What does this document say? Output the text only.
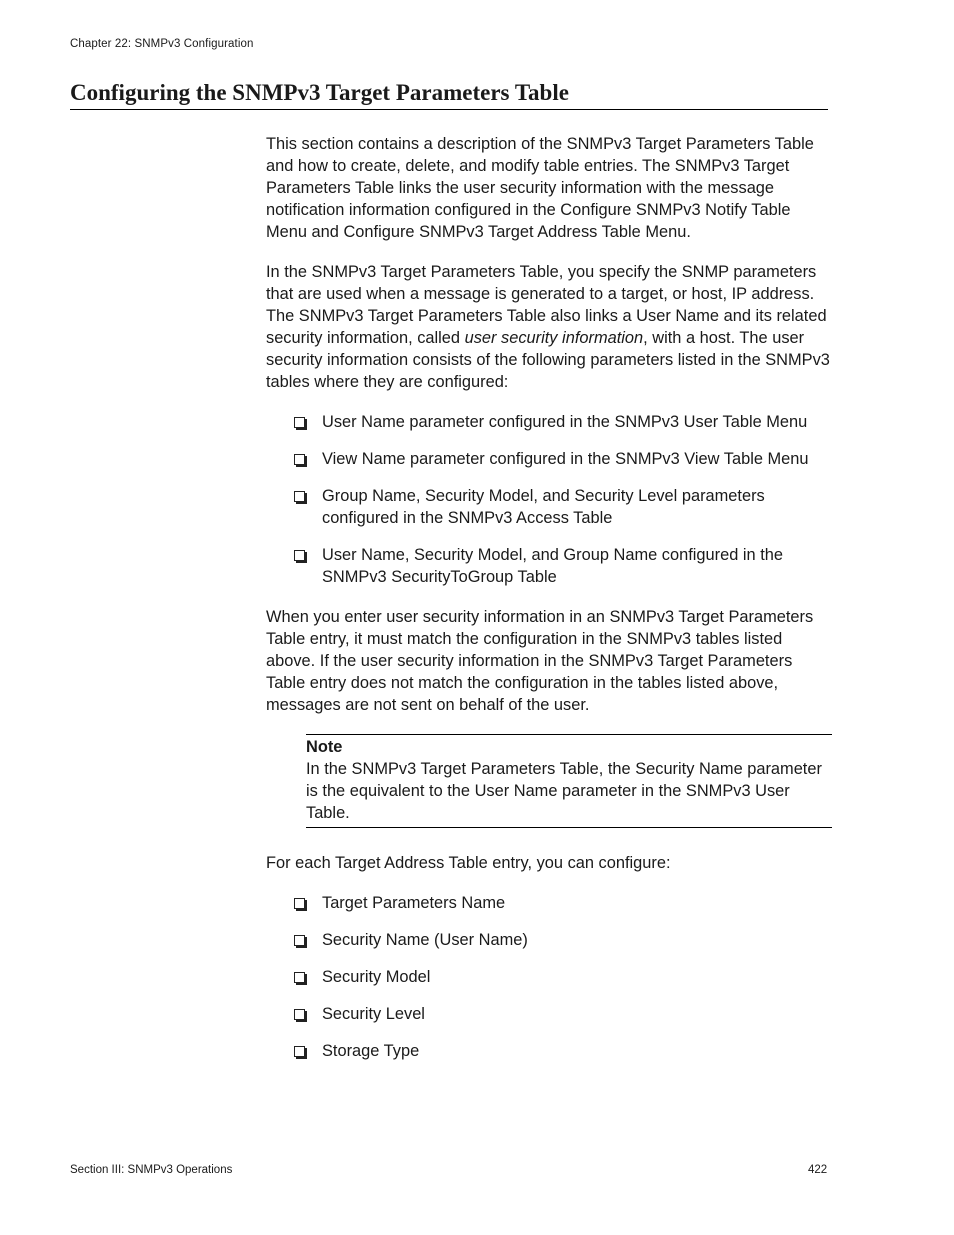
Chapter 22: SNMPv3 Configuration
Configuring the SNMPv3 Target Parameters Table

This section contains a description of the SNMPv3 Target Parameters Table and how to create, delete, and modify table entries. The SNMPv3 Target Parameters Table links the user security information with the message notification information configured in the Configure SNMPv3 Notify Table Menu and Configure SNMPv3 Target Address Table Menu.

In the SNMPv3 Target Parameters Table, you specify the SNMP parameters that are used when a message is generated to a target, or host, IP address. The SNMPv3 Target Parameters Table also links a User Name and its related security information, called user security information, with a host. The user security information consists of the following parameters listed in the SNMPv3 tables where they are configured:

User Name parameter configured in the SNMPv3 User Table Menu
View Name parameter configured in the SNMPv3 View Table Menu
Group Name, Security Model, and Security Level parameters configured in the SNMPv3 Access Table
User Name, Security Model, and Group Name configured in the SNMPv3 SecurityToGroup Table

When you enter user security information in an SNMPv3 Target Parameters Table entry, it must match the configuration in the SNMPv3 tables listed above. If the user security information in the SNMPv3 Target Parameters Table entry does not match the configuration in the tables listed above, messages are not sent on behalf of the user.

Note
In the SNMPv3 Target Parameters Table, the Security Name parameter is the equivalent to the User Name parameter in the SNMPv3 User Table.

For each Target Address Table entry, you can configure:

Target Parameters Name
Security Name (User Name)
Security Model
Security Level
Storage Type
Section III: SNMPv3 Operations	422
